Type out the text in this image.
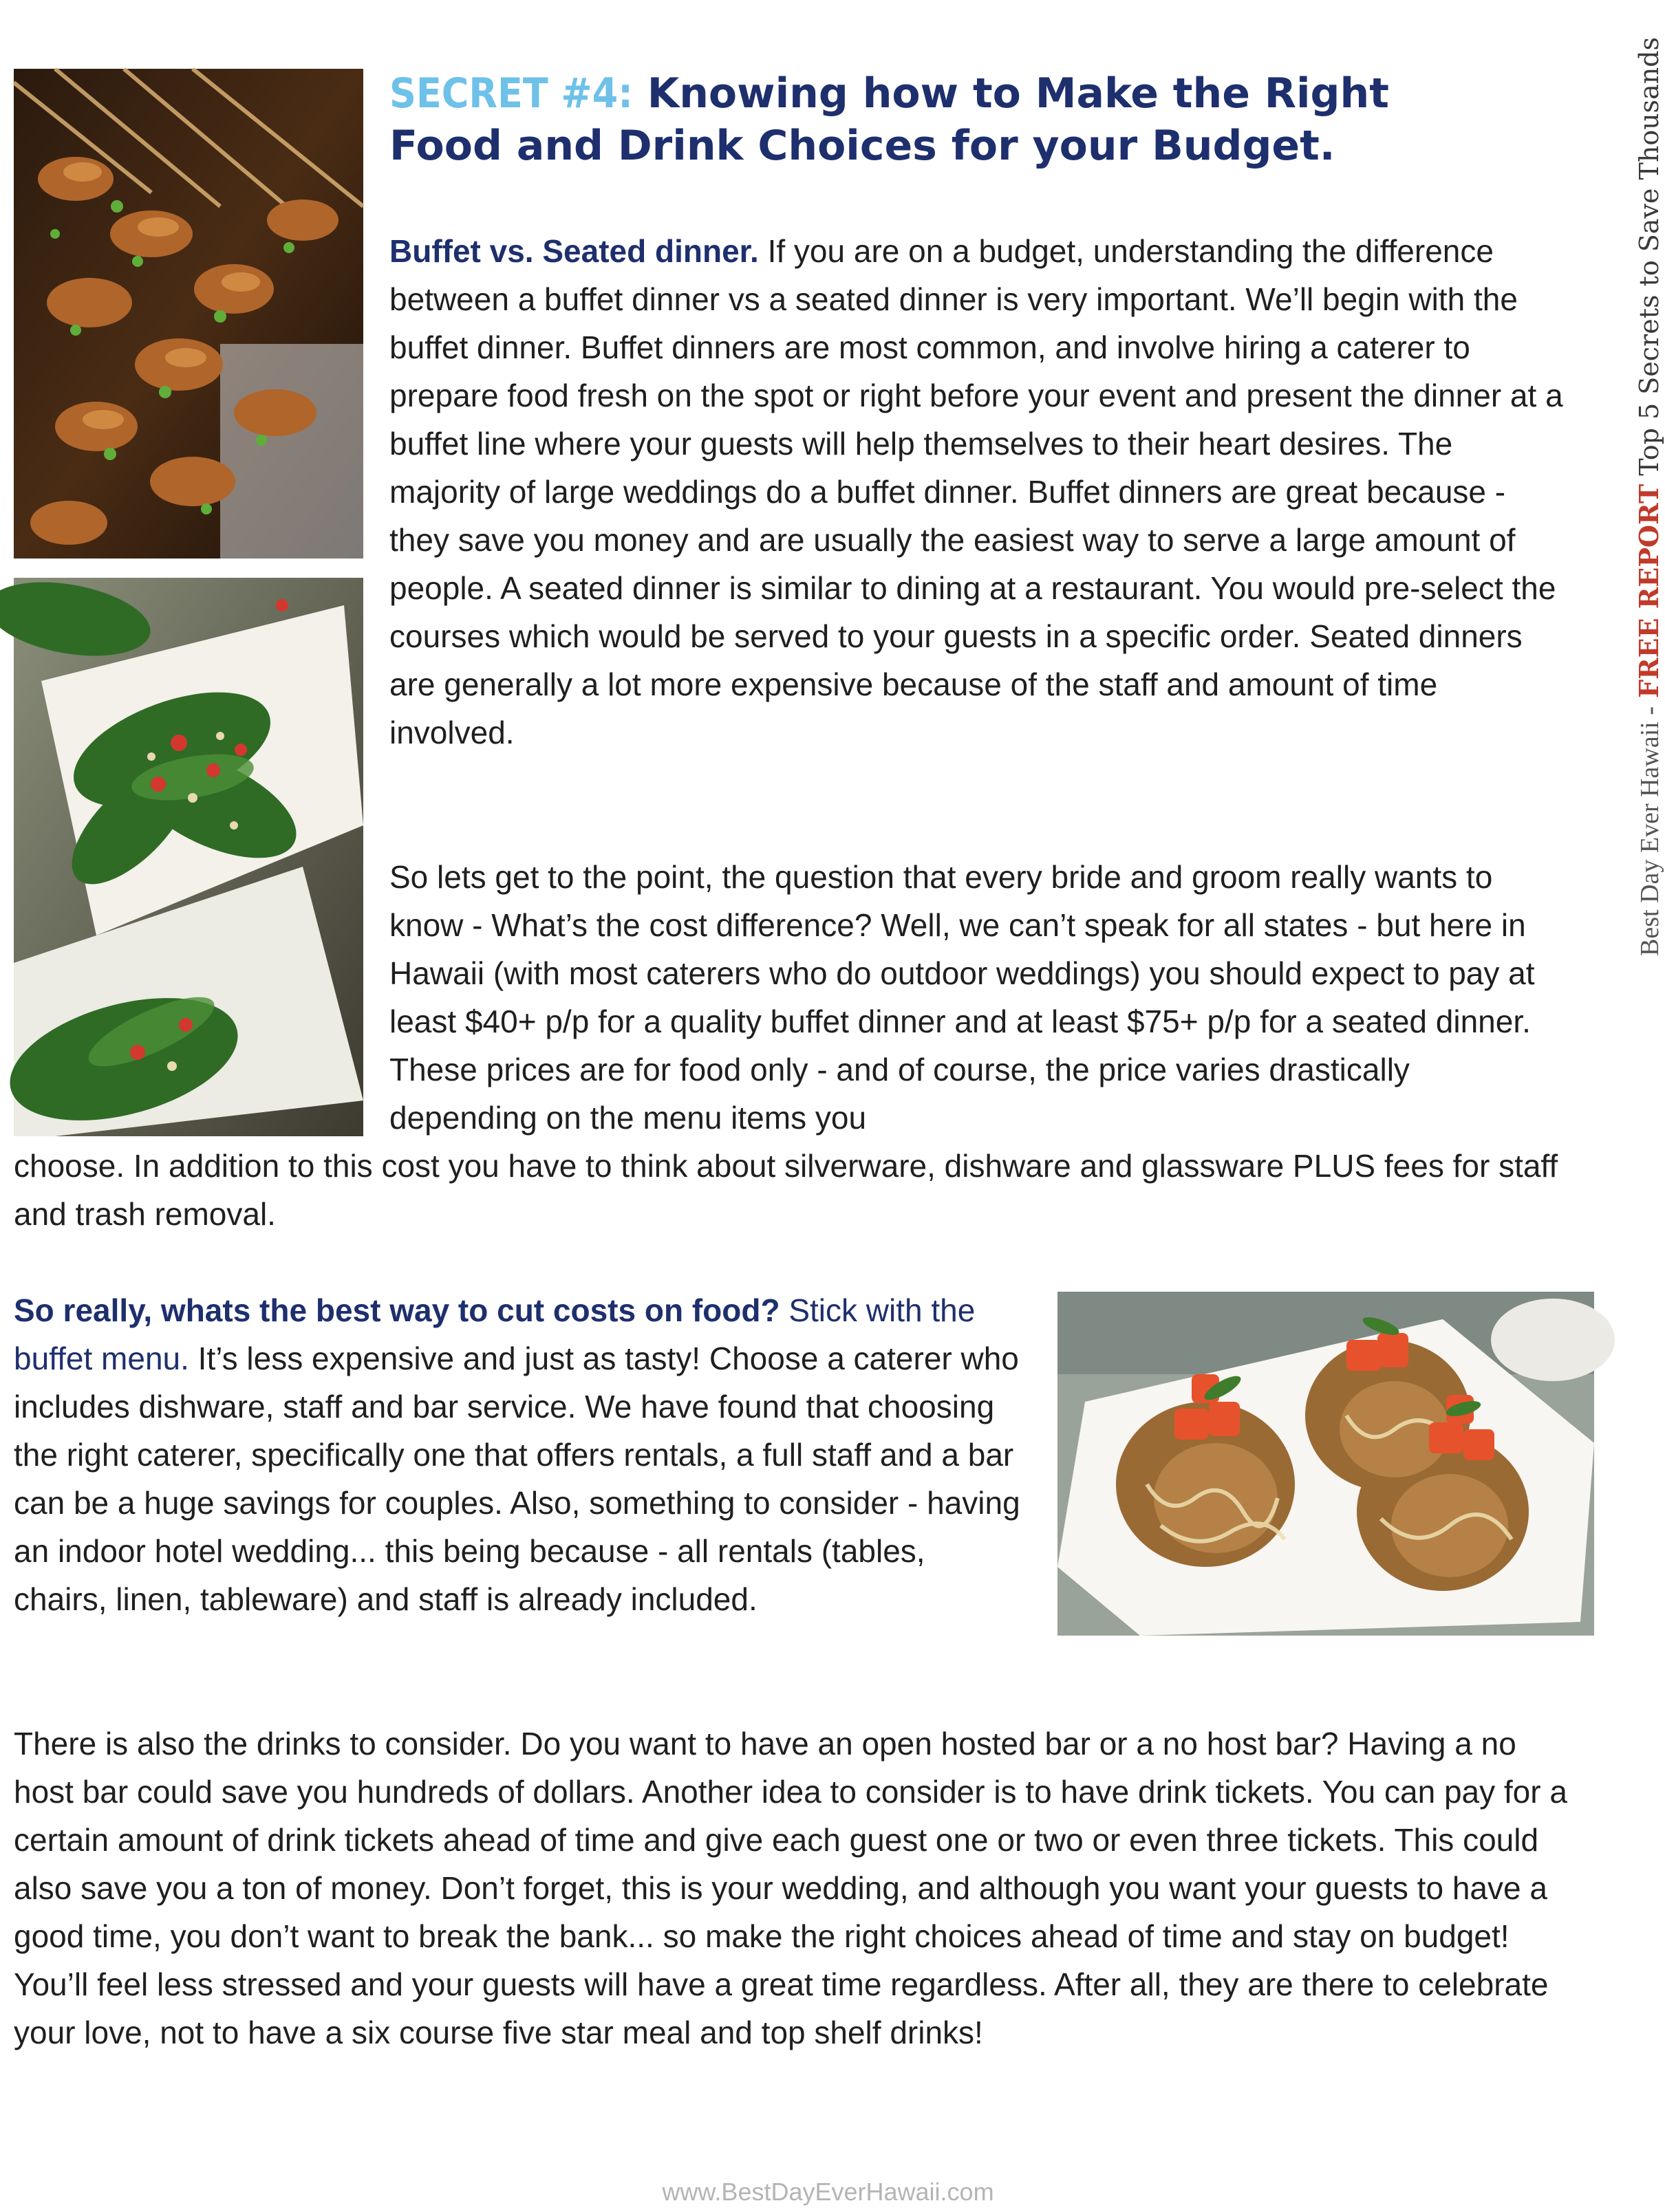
SECRET #4: Knowing how to Make the Right
Food and Drink Choices for your Budget.

Buffet vs. Seated dinner. If you are on a budget, understanding the difference between a buffet dinner vs a seated dinner is very important. We’ll begin with the buffet dinner. Buffet dinners are most common, and involve hiring a caterer to prepare food fresh on the spot or right before your event and present the dinner at a buffet line where your guests will help themselves to their heart desires. The majority of large weddings do a buffet dinner. Buffet dinners are great because - they save you money and are usually the easiest way to serve a large amount of people. A seated dinner is similar to dining at a restaurant. You would pre-select the courses which would be served to your guests in a specific order. Seated dinners are generally a lot more expensive because of the staff and amount of time involved.

So lets get to the point, the question that every bride and groom really wants to know - What’s the cost difference? Well, we can’t speak for all states - but here in Hawaii (with most caterers who do outdoor weddings) you should expect to pay at least $40+ p/p for a quality buffet dinner and at least $75+ p/p for a seated dinner. These prices are for food only - and of course, the price varies drastically depending on the menu items you

choose. In addition to this cost you have to think about silverware, dishware and glassware PLUS fees for staff and trash removal.

So really, whats the best way to cut costs on food? Stick with the buffet menu. It’s less expensive and just as tasty! Choose a caterer who includes dishware, staff and bar service. We have found that choosing the right caterer, specifically one that offers rentals, a full staff and a bar can be a huge savings for couples. Also, something to consider - having an indoor hotel wedding... this being because - all rentals (tables, chairs, linen, tableware) and staff is already included.

There is also the drinks to consider. Do you want to have an open hosted bar or a no host bar? Having a no host bar could save you hundreds of dollars. Another idea to consider is to have drink tickets. You can pay for a certain amount of drink tickets ahead of time and give each guest one or two or even three tickets. This could also save you a ton of money. Don’t forget, this is your wedding, and although you want your guests to have a good time, you don’t want to break the bank... so make the right choices ahead of time and stay on budget! You’ll feel less stressed and your guests will have a great time regardless. After all, they are there to celebrate your love, not to have a six course five star meal and top shelf drinks!

Best Day Ever Hawaii - FREE REPORT Top 5 Secrets to Save Thousands
www.BestDayEverHawaii.com
